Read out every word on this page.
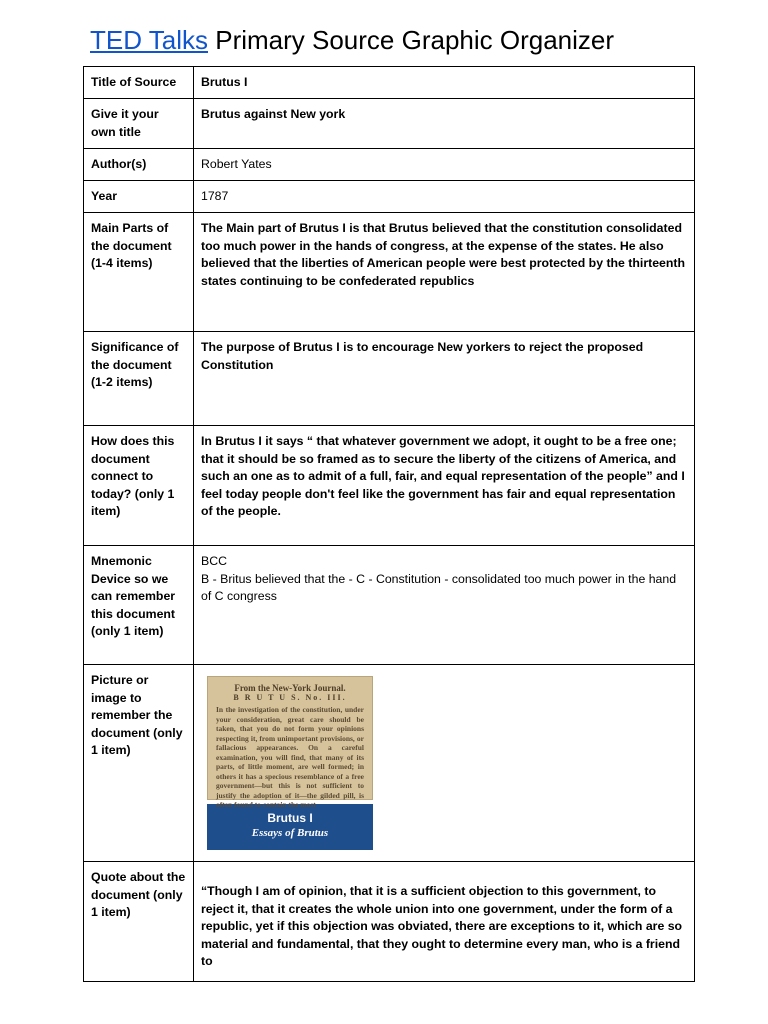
TED Talks Primary Source Graphic Organizer
Title of Source	Brutus I
Give it your own title	Brutus against New york
Author(s)	Robert Yates
Year	1787
Main Parts of the document (1-4 items)	The Main part of Brutus I is that Brutus believed that the constitution consolidated too much power in the hands of congress, at the expense of the states. He also believed that the liberties of American people were best protected by the thirteenth states continuing to be confederated republics
Significance of the document (1-2 items)	The purpose of Brutus I is to encourage New yorkers to reject the proposed Constitution
How does this document connect to today? (only 1 item)	In Brutus I it says “ that whatever government we adopt, it ought to be a free one; that it should be so framed as to secure the liberty of the citizens of America, and such an one as to admit of a full, fair, and equal representation of the people” and I feel today people don't feel like the government has fair and equal representation of the people.
Mnemonic Device so we can remember this document (only 1 item)	BCC
B - Britus believed that the - C - Constitution - consolidated too much power in the hand of C congress
Picture or image to remember the document (only 1 item)	From the New-York Journal.
B R U T U S. No. III.
In the investigation of the constitution, under your consideration, great care should be taken, that you do not form your opinions respecting it, from unimportant provisions, or fallacious appearances. On a careful examination, you will find, that many of its parts, of little moment, are well formed; in others it has a specious resemblance of a free government—but this is not sufficient to justify the adoption of it—the gilded pill, is often found to contain the most
Brutus I
Essays of Brutus

Quote about the document (only 1 item)	“Though I am of opinion, that it is a sufficient objection to this government, to reject it, that it creates the whole union into one government, under the form of a republic, yet if this objection was obviated, there are exceptions to it, which are so material and fundamental, that they ought to determine every man, who is a friend to
